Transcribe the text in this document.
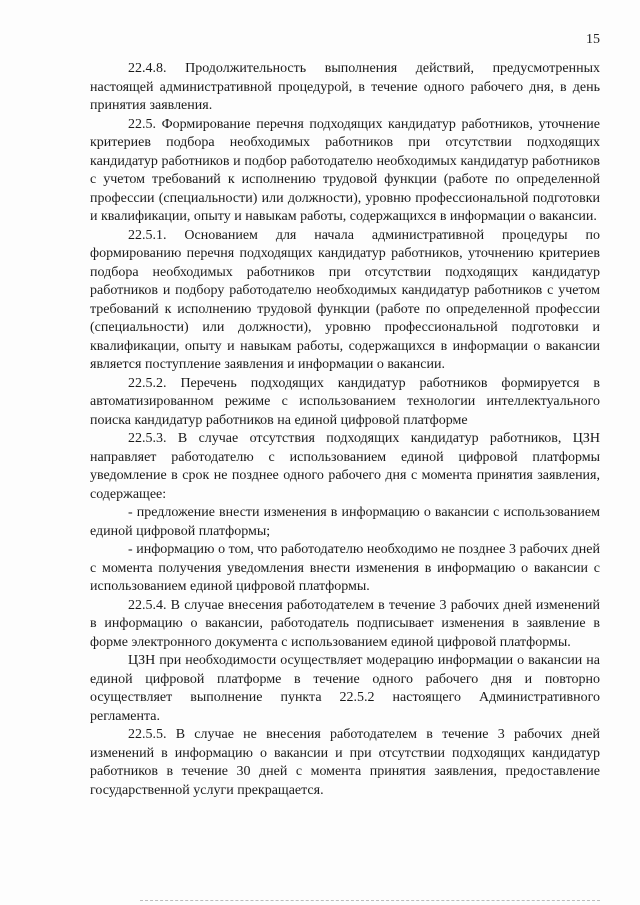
15

22.4.8. Продолжительность выполнения действий, предусмотренных настоящей административной процедурой, в течение одного рабочего дня, в день принятия заявления.

22.5. Формирование перечня подходящих кандидатур работников, уточнение критериев подбора необходимых работников при отсутствии подходящих кандидатур работников и подбор работодателю необходимых кандидатур работников с учетом требований к исполнению трудовой функции (работе по определенной профессии (специальности) или должности), уровню профессиональной подготовки и квалификации, опыту и навыкам работы, содержащихся в информации о вакансии.

22.5.1. Основанием для начала административной процедуры по формированию перечня подходящих кандидатур работников, уточнению критериев подбора необходимых работников при отсутствии подходящих кандидатур работников и подбору работодателю необходимых кандидатур работников с учетом требований к исполнению трудовой функции (работе по определенной профессии (специальности) или должности), уровню профессиональной подготовки и квалификации, опыту и навыкам работы, содержащихся в информации о вакансии является поступление заявления и информации о вакансии.

22.5.2. Перечень подходящих кандидатур работников формируется в автоматизированном режиме с использованием технологии интеллектуального поиска кандидатур работников на единой цифровой платформе

22.5.3. В случае отсутствия подходящих кандидатур работников, ЦЗН направляет работодателю с использованием единой цифровой платформы уведомление в срок не позднее одного рабочего дня с момента принятия заявления, содержащее:

- предложение внести изменения в информацию о вакансии с использованием единой цифровой платформы;

- информацию о том, что работодателю необходимо не позднее 3 рабочих дней с момента получения уведомления внести изменения в информацию о вакансии с использованием единой цифровой платформы.

22.5.4. В случае внесения работодателем в течение 3 рабочих дней изменений в информацию о вакансии, работодатель подписывает изменения в заявление в форме электронного документа с использованием единой цифровой платформы.

ЦЗН при необходимости осуществляет модерацию информации о вакансии на единой цифровой платформе в течение одного рабочего дня и повторно осуществляет выполнение пункта 22.5.2 настоящего Административного регламента.

22.5.5. В случае не внесения работодателем в течение 3 рабочих дней изменений в информацию о вакансии и при отсутствии подходящих кандидатур работников в течение 30 дней с момента принятия заявления, предоставление государственной услуги прекращается.
